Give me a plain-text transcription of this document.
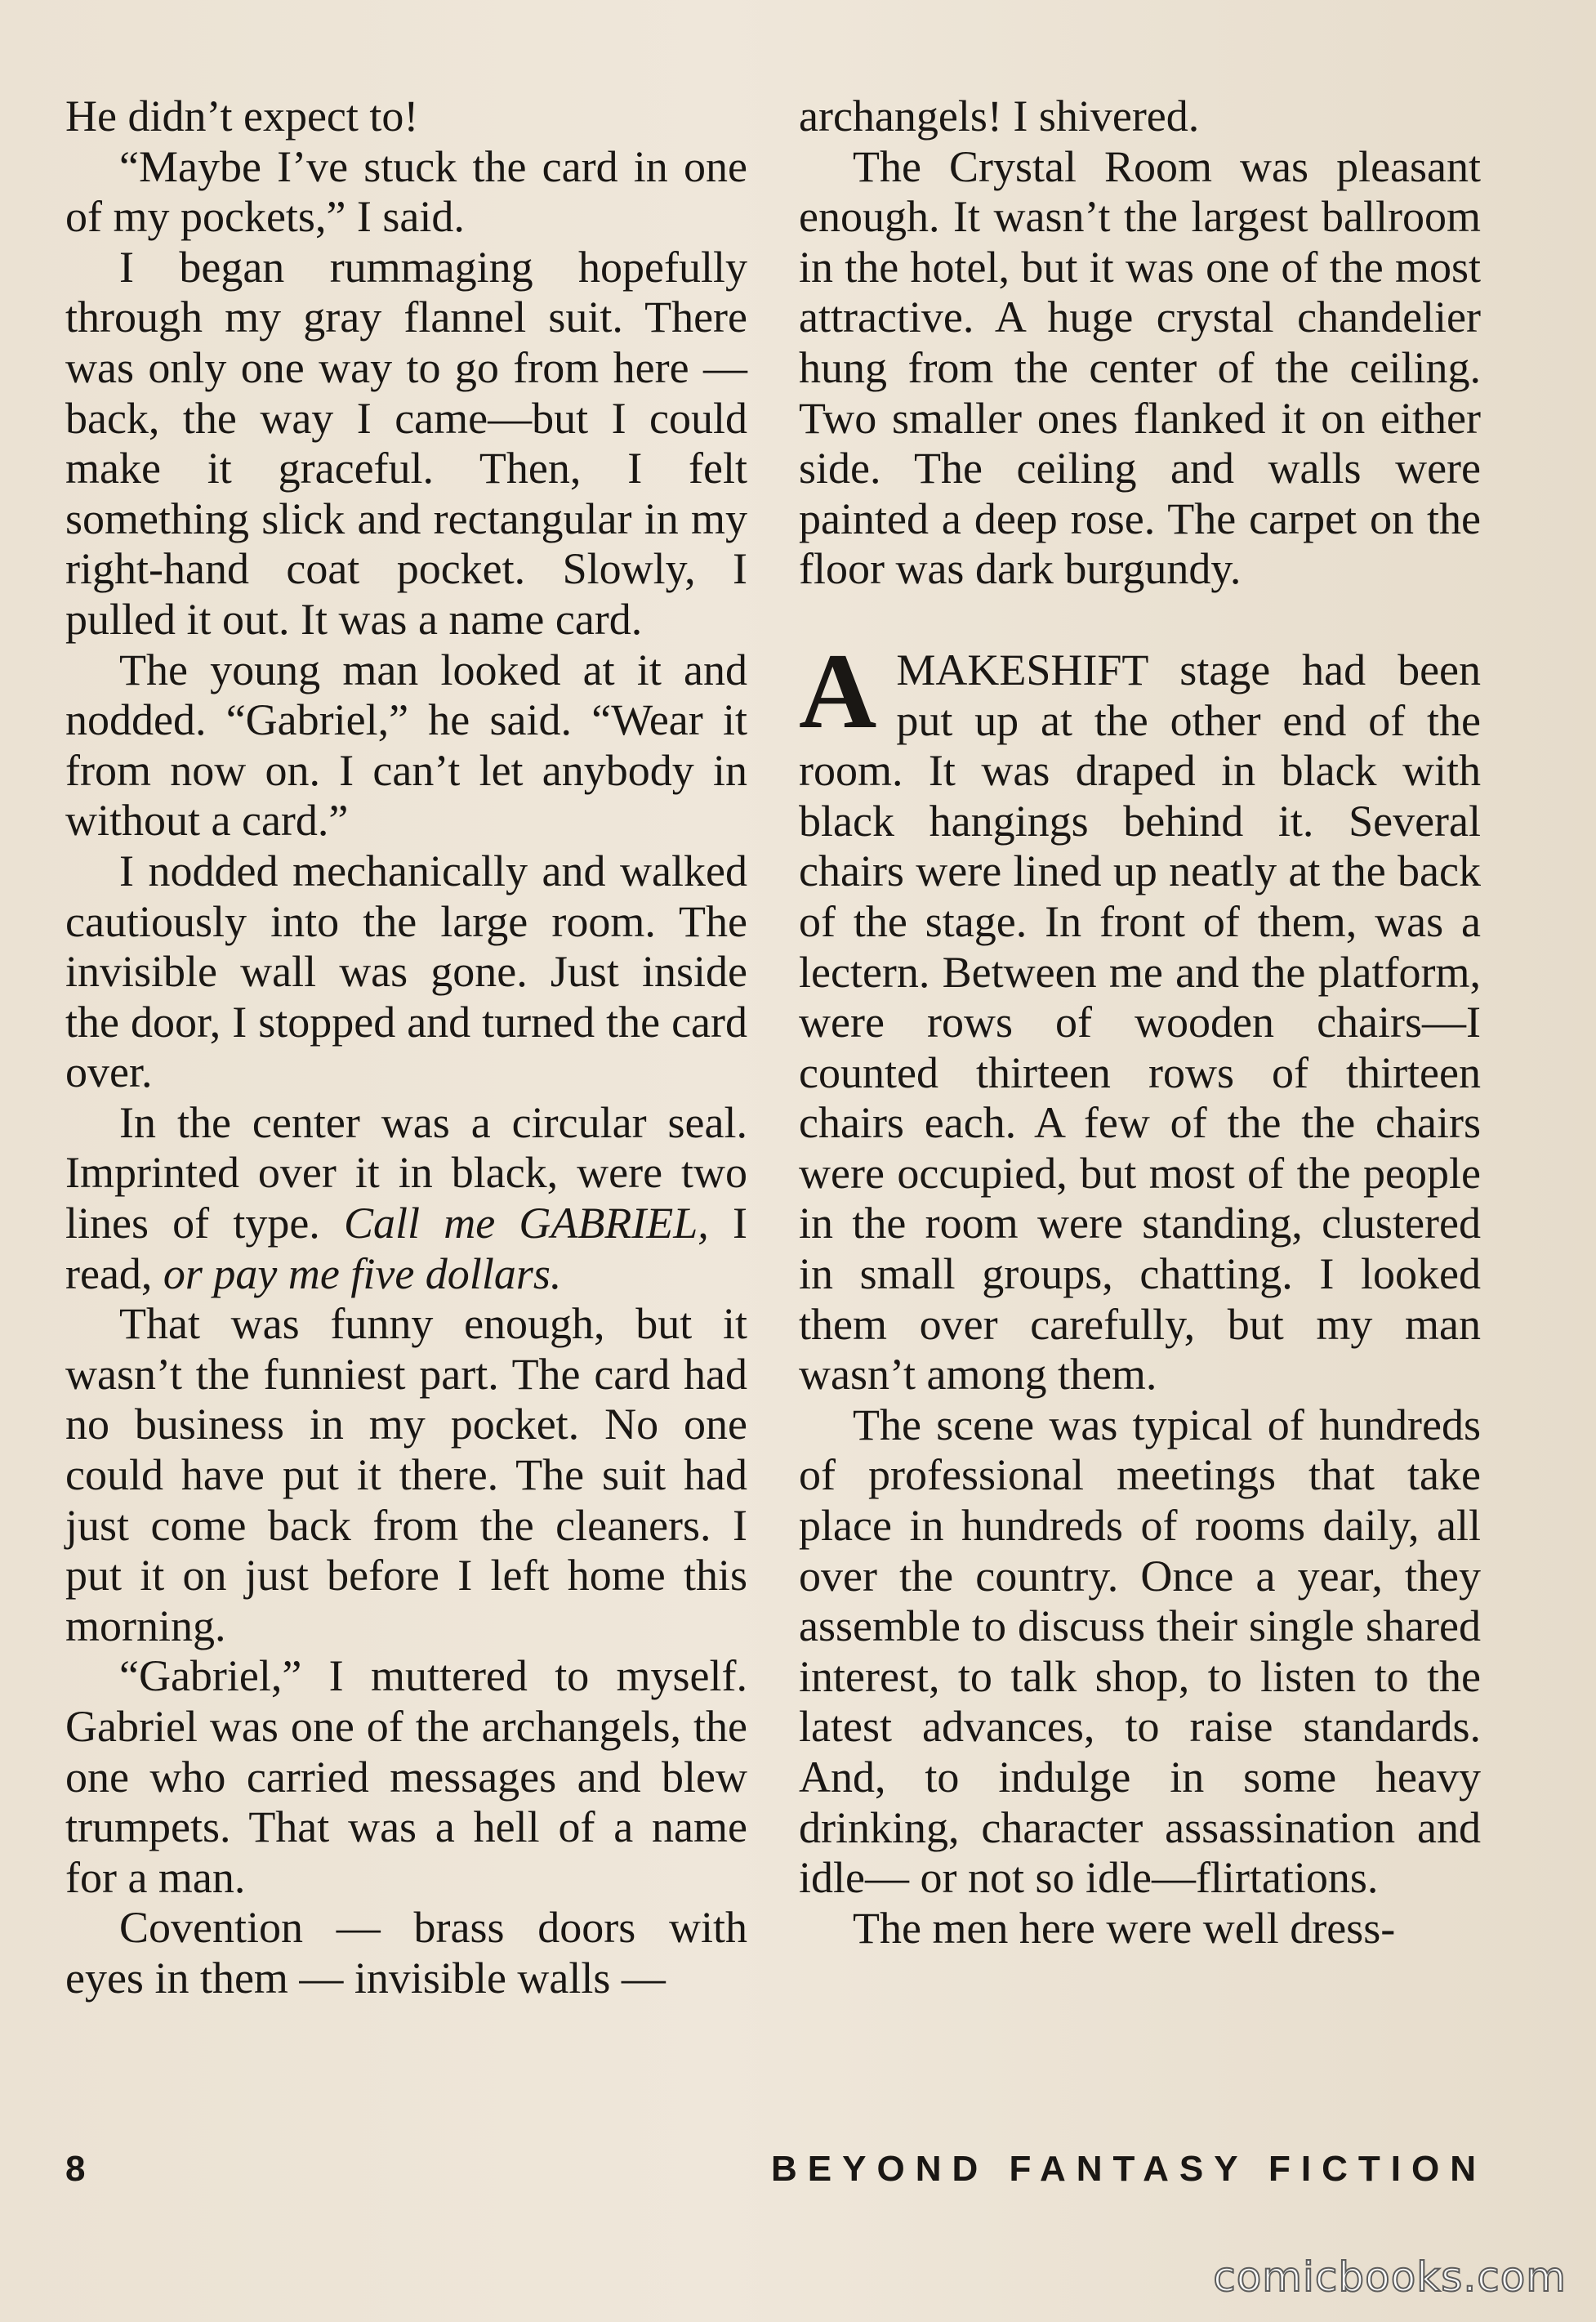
He didn’t expect to!

“Maybe I’ve stuck the card in one of my pockets,” I said.

I began rummaging hopefully through my gray flannel suit. There was only one way to go from here —back, the way I came—but I could make it graceful. Then, I felt something slick and rectangular in my right-hand coat pocket. Slowly, I pulled it out. It was a name card.

The young man looked at it and nodded. “Gabriel,” he said. “Wear it from now on. I can’t let anybody in without a card.”

I nodded mechanically and walked cautiously into the large room. The invisible wall was gone. Just inside the door, I stopped and turned the card over.

In the center was a circular seal. Imprinted over it in black, were two lines of type. Call me GABRIEL, I read, or pay me five dollars.

That was funny enough, but it wasn’t the funniest part. The card had no business in my pocket. No one could have put it there. The suit had just come back from the cleaners. I put it on just before I left home this morning.

“Gabriel,” I muttered to myself. Gabriel was one of the archangels, the one who carried messages and blew trumpets. That was a hell of a name for a man.

Covention — brass doors with eyes in them — invisible walls —

archangels! I shivered.

The Crystal Room was pleasant enough. It wasn’t the largest ballroom in the hotel, but it was one of the most attractive. A huge crystal chandelier hung from the center of the ceiling. Two smaller ones flanked it on either side. The ceiling and walls were painted a deep rose. The carpet on the floor was dark burgundy.

AMAKESHIFT stage had been put up at the other end of the room. It was draped in black with black hangings behind it. Several chairs were lined up neatly at the back of the stage. In front of them, was a lectern. Between me and the platform, were rows of wooden chairs—I counted thirteen rows of thirteen chairs each. A few of the the chairs were occupied, but most of the people in the room were standing, clustered in small groups, chatting. I looked them over carefully, but my man wasn’t among them.

The scene was typical of hundreds of professional meetings that take place in hundreds of rooms daily, all over the country. Once a year, they assemble to discuss their single shared interest, to talk shop, to listen to the latest advances, to raise standards. And, to indulge in some heavy drinking, character assassination and idle— or not so idle—flirtations.

The men here were well dress-

8	BEYOND FANTASY FICTION
comicbooks.com
